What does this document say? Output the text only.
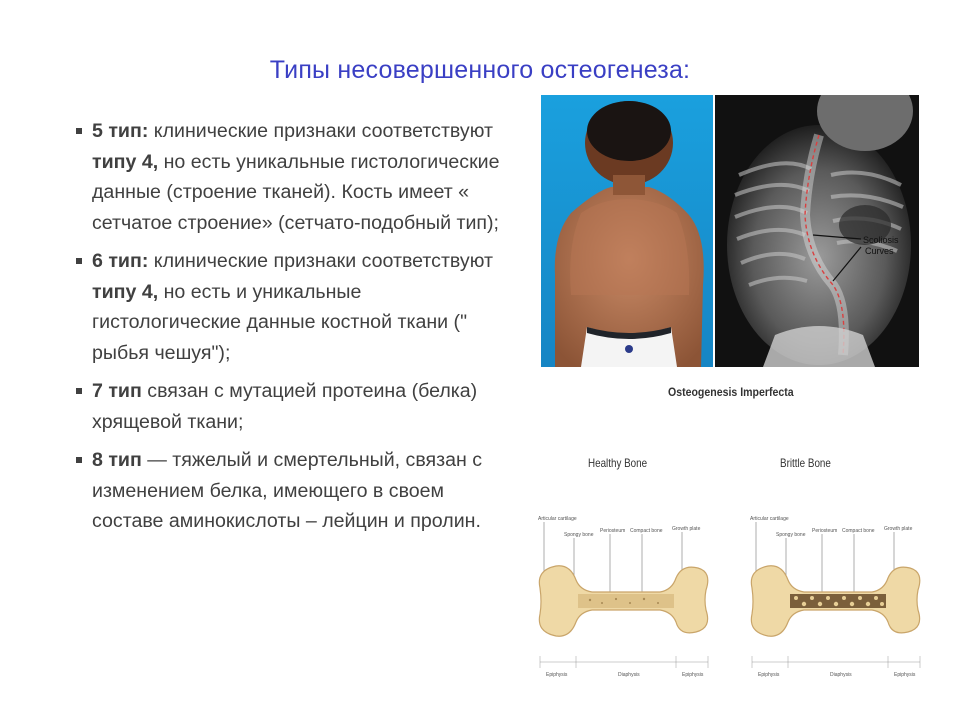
Типы несовершенного остеогенеза:
5 тип: клинические признаки соответствуют типу 4, но есть уникальные гистологические данные (строение тканей). Кость имеет « сетчатое строение» (сетчато-подобный тип);
6 тип: клинические признаки соответствуют типу 4, но есть и уникальные гистологические данные костной ткани (" рыбья чешуя");
7 тип связан с мутацией протеина (белка) хрящевой ткани;
8 тип — тяжелый и смертельный, связан с изменением белка, имеющего в своем составе аминокислоты – лейцин и пролин.
Scoliosis
Curves
Osteogenesis Imperfecta
Healthy Bone	Brittle Bone
Articular cartilage
Spongy bone
Periosteum Compact bone Growth plate
Epiphysis	Diaphysis	Epiphysis
Articular cartilage
Spongy bone
Periosteum Compact bone Growth plate
Epiphysis	Diaphysis	Epiphysis
